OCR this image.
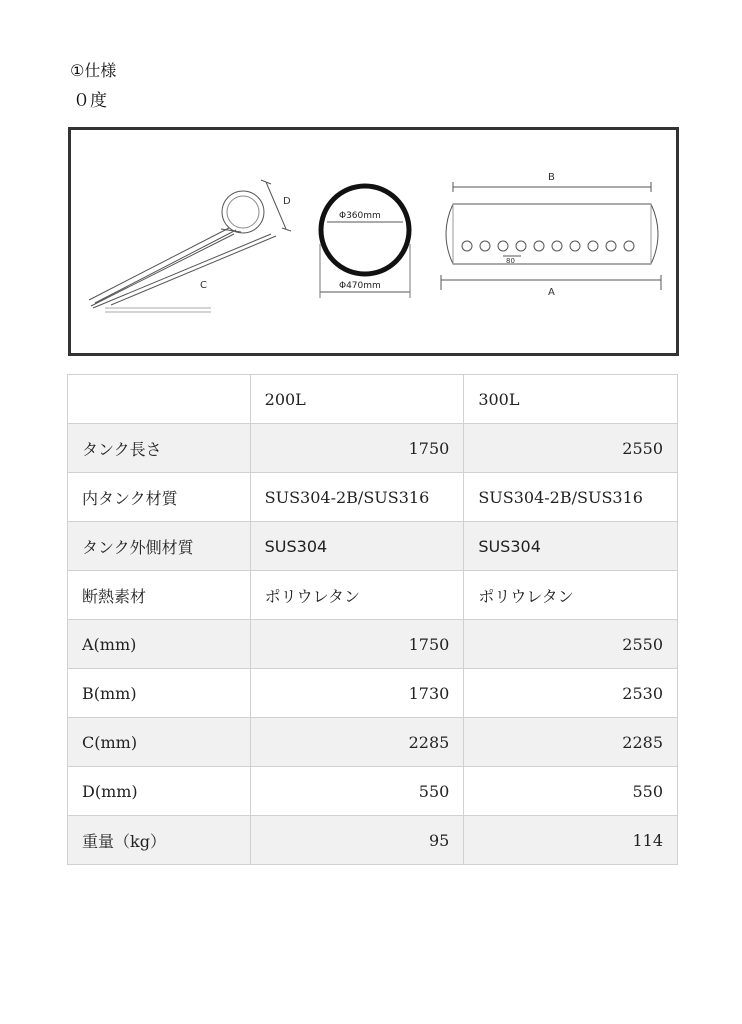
①仕様
０度
D
C
Φ360mm
Φ470mm
B
A
80
	200L	300L
タンク長さ	1750	2550
内タンク材質	SUS304-2B/SUS316	SUS304-2B/SUS316
タンク外側材質	SUS304	SUS304
断熱素材	ポリウレタン	ポリウレタン
A(mm)	1750	2550
B(mm)	1730	2530
C(mm)	2285	2285
D(mm)	550	550
重量（kg）	95	114
